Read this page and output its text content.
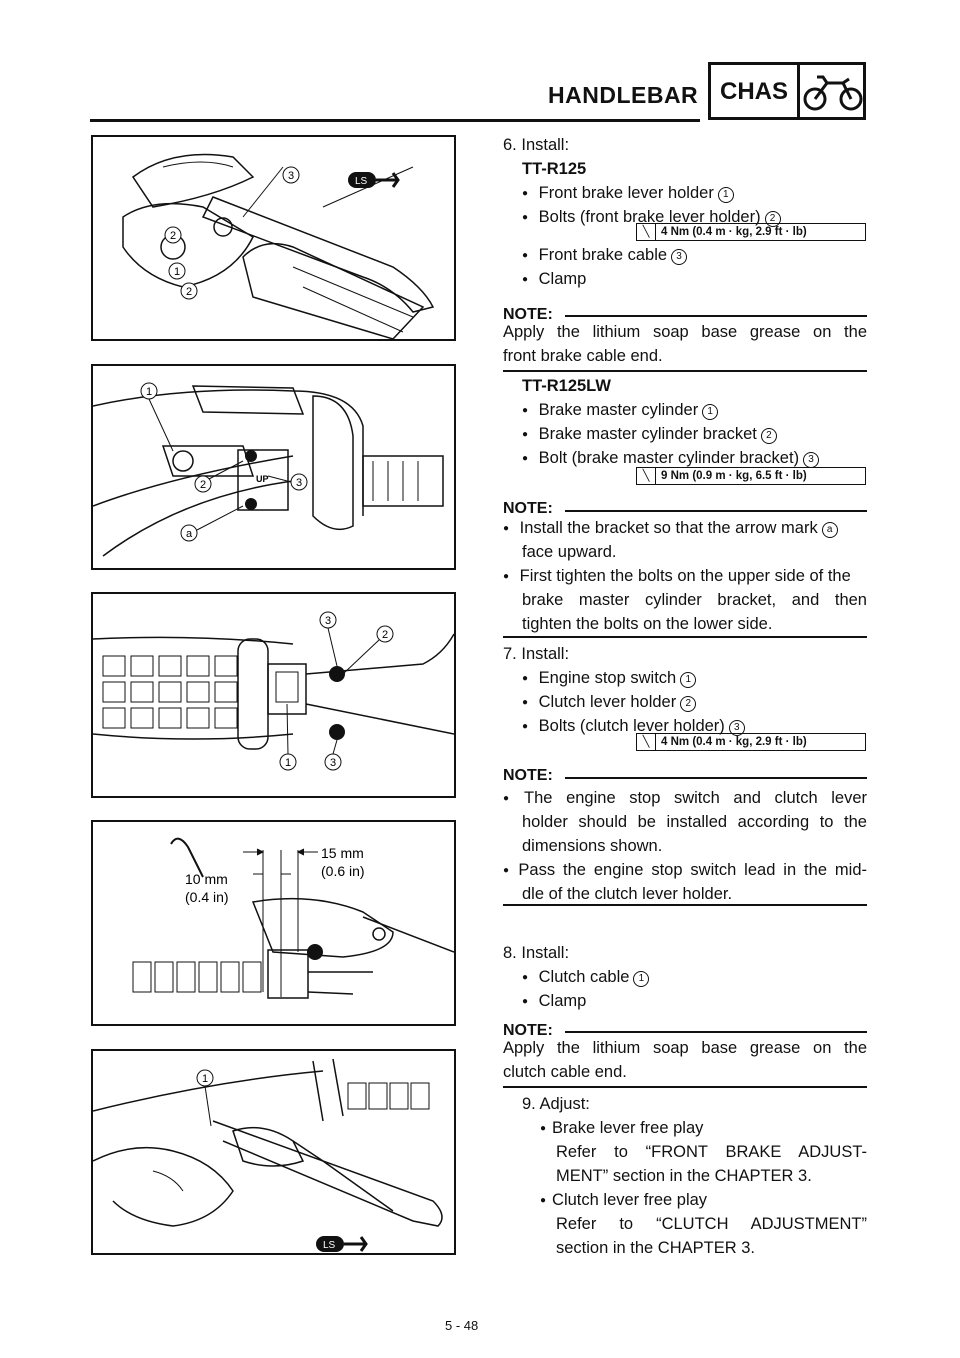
HANDLEBAR CHAS
LS
3
2
1
2
UP
1
2	3
a
3
2
1	3
15 mm
(0.6 in)
10 mm
(0.4 in)
LS
1
6. Install:
TT-R125
● Front brake lever holder 1
● Bolts (front brake lever holder) 2
╲ 4 Nm (0.4 m · kg, 2.9 ft · lb)
● Front brake cable 3
● Clamp
NOTE:
Apply the lithium soap base grease on the
front brake cable end.
TT-R125LW
● Brake master cylinder 1
● Brake master cylinder bracket 2
● Bolt (brake master cylinder bracket) 3
╲ 9 Nm (0.9 m · kg, 6.5 ft · lb)
NOTE:
● Install the bracket so that the arrow mark a
face upward.
● First tighten the bolts on the upper side of the
brake master cylinder bracket, and then
tighten the bolts on the lower side.
7. Install:
● Engine stop switch 1
● Clutch lever holder 2
● Bolts (clutch lever holder) 3
╲ 4 Nm (0.4 m · kg, 2.9 ft · lb)
NOTE:
● The engine stop switch and clutch lever
holder should be installed according to the
dimensions shown.
● Pass the engine stop switch lead in the mid-
dle of the clutch lever holder.
8. Install:
● Clutch cable 1
● Clamp
NOTE:
Apply the lithium soap base grease on the
clutch cable end.
9. Adjust:
● Brake lever free play
Refer to “FRONT BRAKE ADJUST-
MENT” section in the CHAPTER 3.
● Clutch lever free play
Refer to “CLUTCH ADJUSTMENT”
section in the CHAPTER 3.
5 - 48
